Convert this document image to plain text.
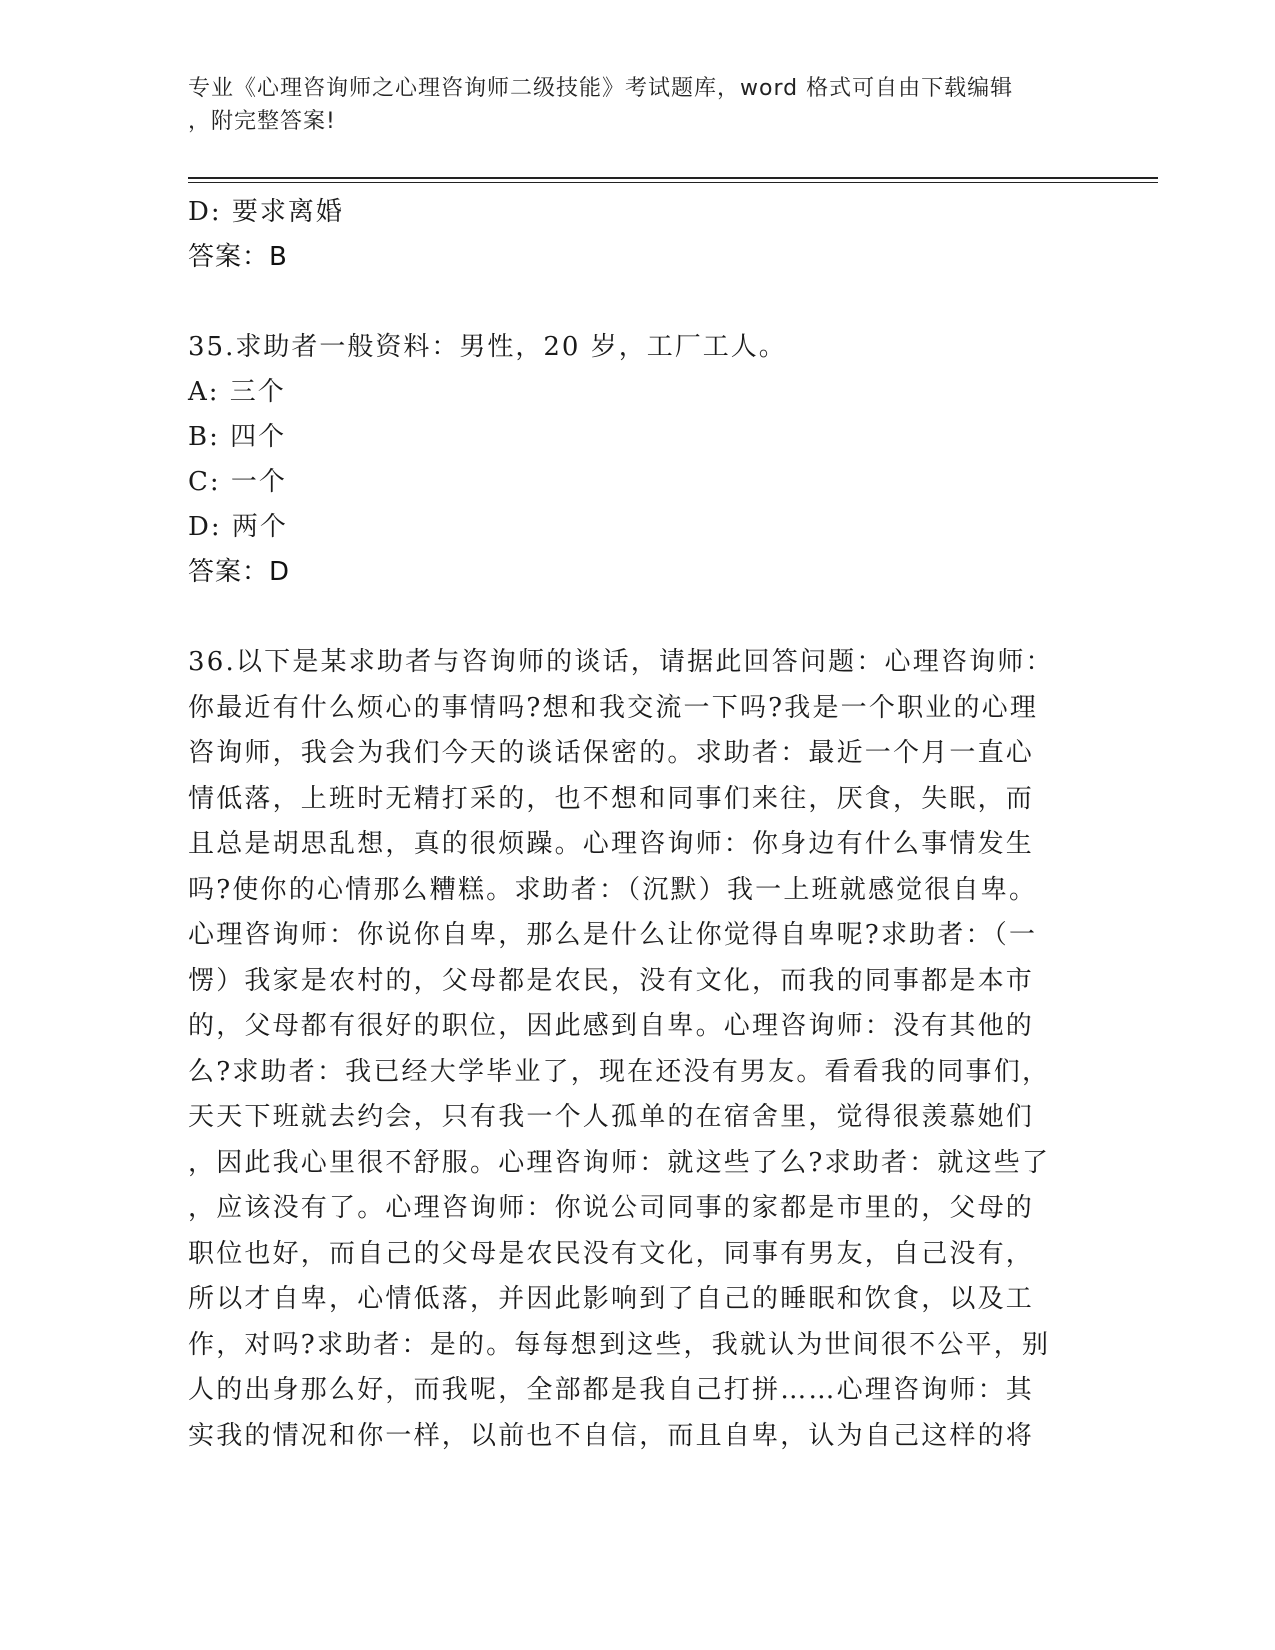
专业《心理咨询师之心理咨询师二级技能》考试题库，word 格式可自由下载编辑
，附完整答案!

D: 要求离婚

答案：B

35.求助者一般资料：男性，20 岁，工厂工人。

A: 三个

B: 四个

C: 一个

D: 两个

答案：D

36.以下是某求助者与咨询师的谈话，请据此回答问题：心理咨询师：
你最近有什么烦心的事情吗?想和我交流一下吗?我是一个职业的心理
咨询师，我会为我们今天的谈话保密的。求助者：最近一个月一直心
情低落，上班时无精打采的，也不想和同事们来往，厌食，失眠，而
且总是胡思乱想，真的很烦躁。心理咨询师：你身边有什么事情发生
吗?使你的心情那么糟糕。求助者：（沉默）我一上班就感觉很自卑。
心理咨询师：你说你自卑，那么是什么让你觉得自卑呢?求助者：（一
愣）我家是农村的，父母都是农民，没有文化，而我的同事都是本市
的，父母都有很好的职位，因此感到自卑。心理咨询师：没有其他的
么?求助者：我已经大学毕业了，现在还没有男友。看看我的同事们，
天天下班就去约会，只有我一个人孤单的在宿舍里，觉得很羡慕她们
，因此我心里很不舒服。心理咨询师：就这些了么?求助者：就这些了
，应该没有了。心理咨询师：你说公司同事的家都是市里的，父母的
职位也好，而自己的父母是农民没有文化，同事有男友，自己没有，
所以才自卑，心情低落，并因此影响到了自己的睡眠和饮食，以及工
作，对吗?求助者：是的。每每想到这些，我就认为世间很不公平，别
人的出身那么好，而我呢，全部都是我自己打拼……心理咨询师：其
实我的情况和你一样，以前也不自信，而且自卑，认为自己这样的将
